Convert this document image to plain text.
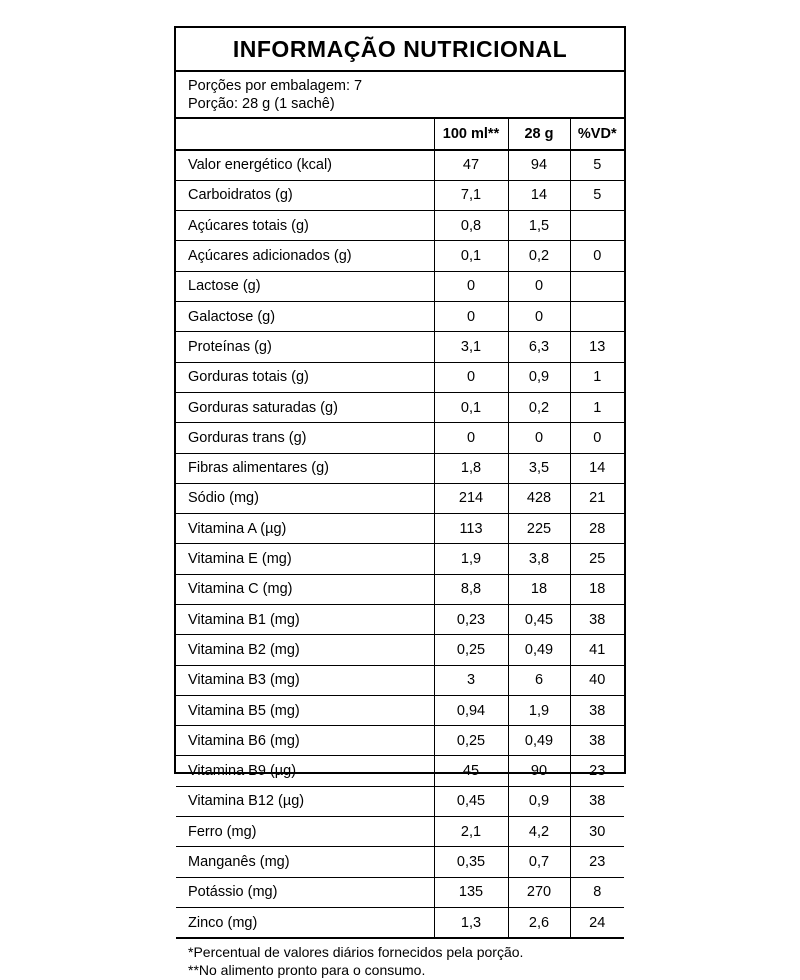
INFORMAÇÃO NUTRICIONAL
Porções por embalagem: 7
Porção: 28 g (1 sachê)
	100 ml**	28 g	%VD*
Valor energético (kcal)	47	94	5
Carboidratos (g)	7,1	14	5
Açúcares totais (g)	0,8	1,5	
Açúcares adicionados (g)	0,1	0,2	0
Lactose (g)	0	0	
Galactose (g)	0	0	
Proteínas (g)	3,1	6,3	13
Gorduras totais (g)	0	0,9	1
Gorduras saturadas (g)	0,1	0,2	1
Gorduras trans (g)	0	0	0
Fibras alimentares (g)	1,8	3,5	14
Sódio (mg)	214	428	21
Vitamina A (µg)	113	225	28
Vitamina E (mg)	1,9	3,8	25
Vitamina C (mg)	8,8	18	18
Vitamina B1 (mg)	0,23	0,45	38
Vitamina B2 (mg)	0,25	0,49	41
Vitamina B3 (mg)	3	6	40
Vitamina B5 (mg)	0,94	1,9	38
Vitamina B6 (mg)	0,25	0,49	38
Vitamina B9 (µg)	45	90	23
Vitamina B12 (µg)	0,45	0,9	38
Ferro (mg)	2,1	4,2	30
Manganês (mg)	0,35	0,7	23
Potássio (mg)	135	270	8
Zinco (mg)	1,3	2,6	24
*Percentual de valores diários fornecidos pela porção.
**No alimento pronto para o consumo.
